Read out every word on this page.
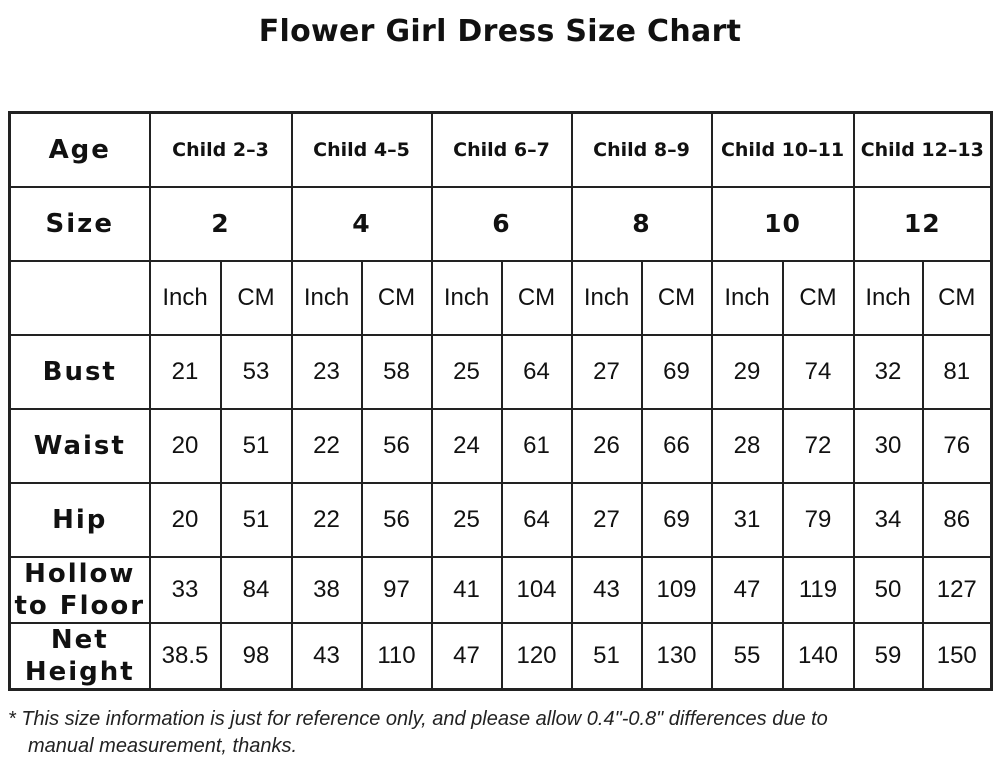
Flower Girl Dress Size Chart
Age	Child 2–3		Child 4–5		Child 6–7		Child 8–9		Child 10–11		Child 12–13	
Size	2		4		6		8		10		12	
	Inch	CM	Inch	CM	Inch	CM	Inch	CM	Inch	CM	Inch	CM
Bust	21	53	23	58	25	64	27	69	29	74	32	81
Waist	20	51	22	56	24	61	26	66	28	72	30	76
Hip	20	51	22	56	25	64	27	69	31	79	34	86
Hollow
to Floor	33	84	38	97	41	104	43	109	47	119	50	127
Net
Height	38.5	98	43	110	47	120	51	130	55	140	59	150
* This size information is just for reference only, and please allow 0.4"-0.8" differences due to
manual measurement, thanks.
